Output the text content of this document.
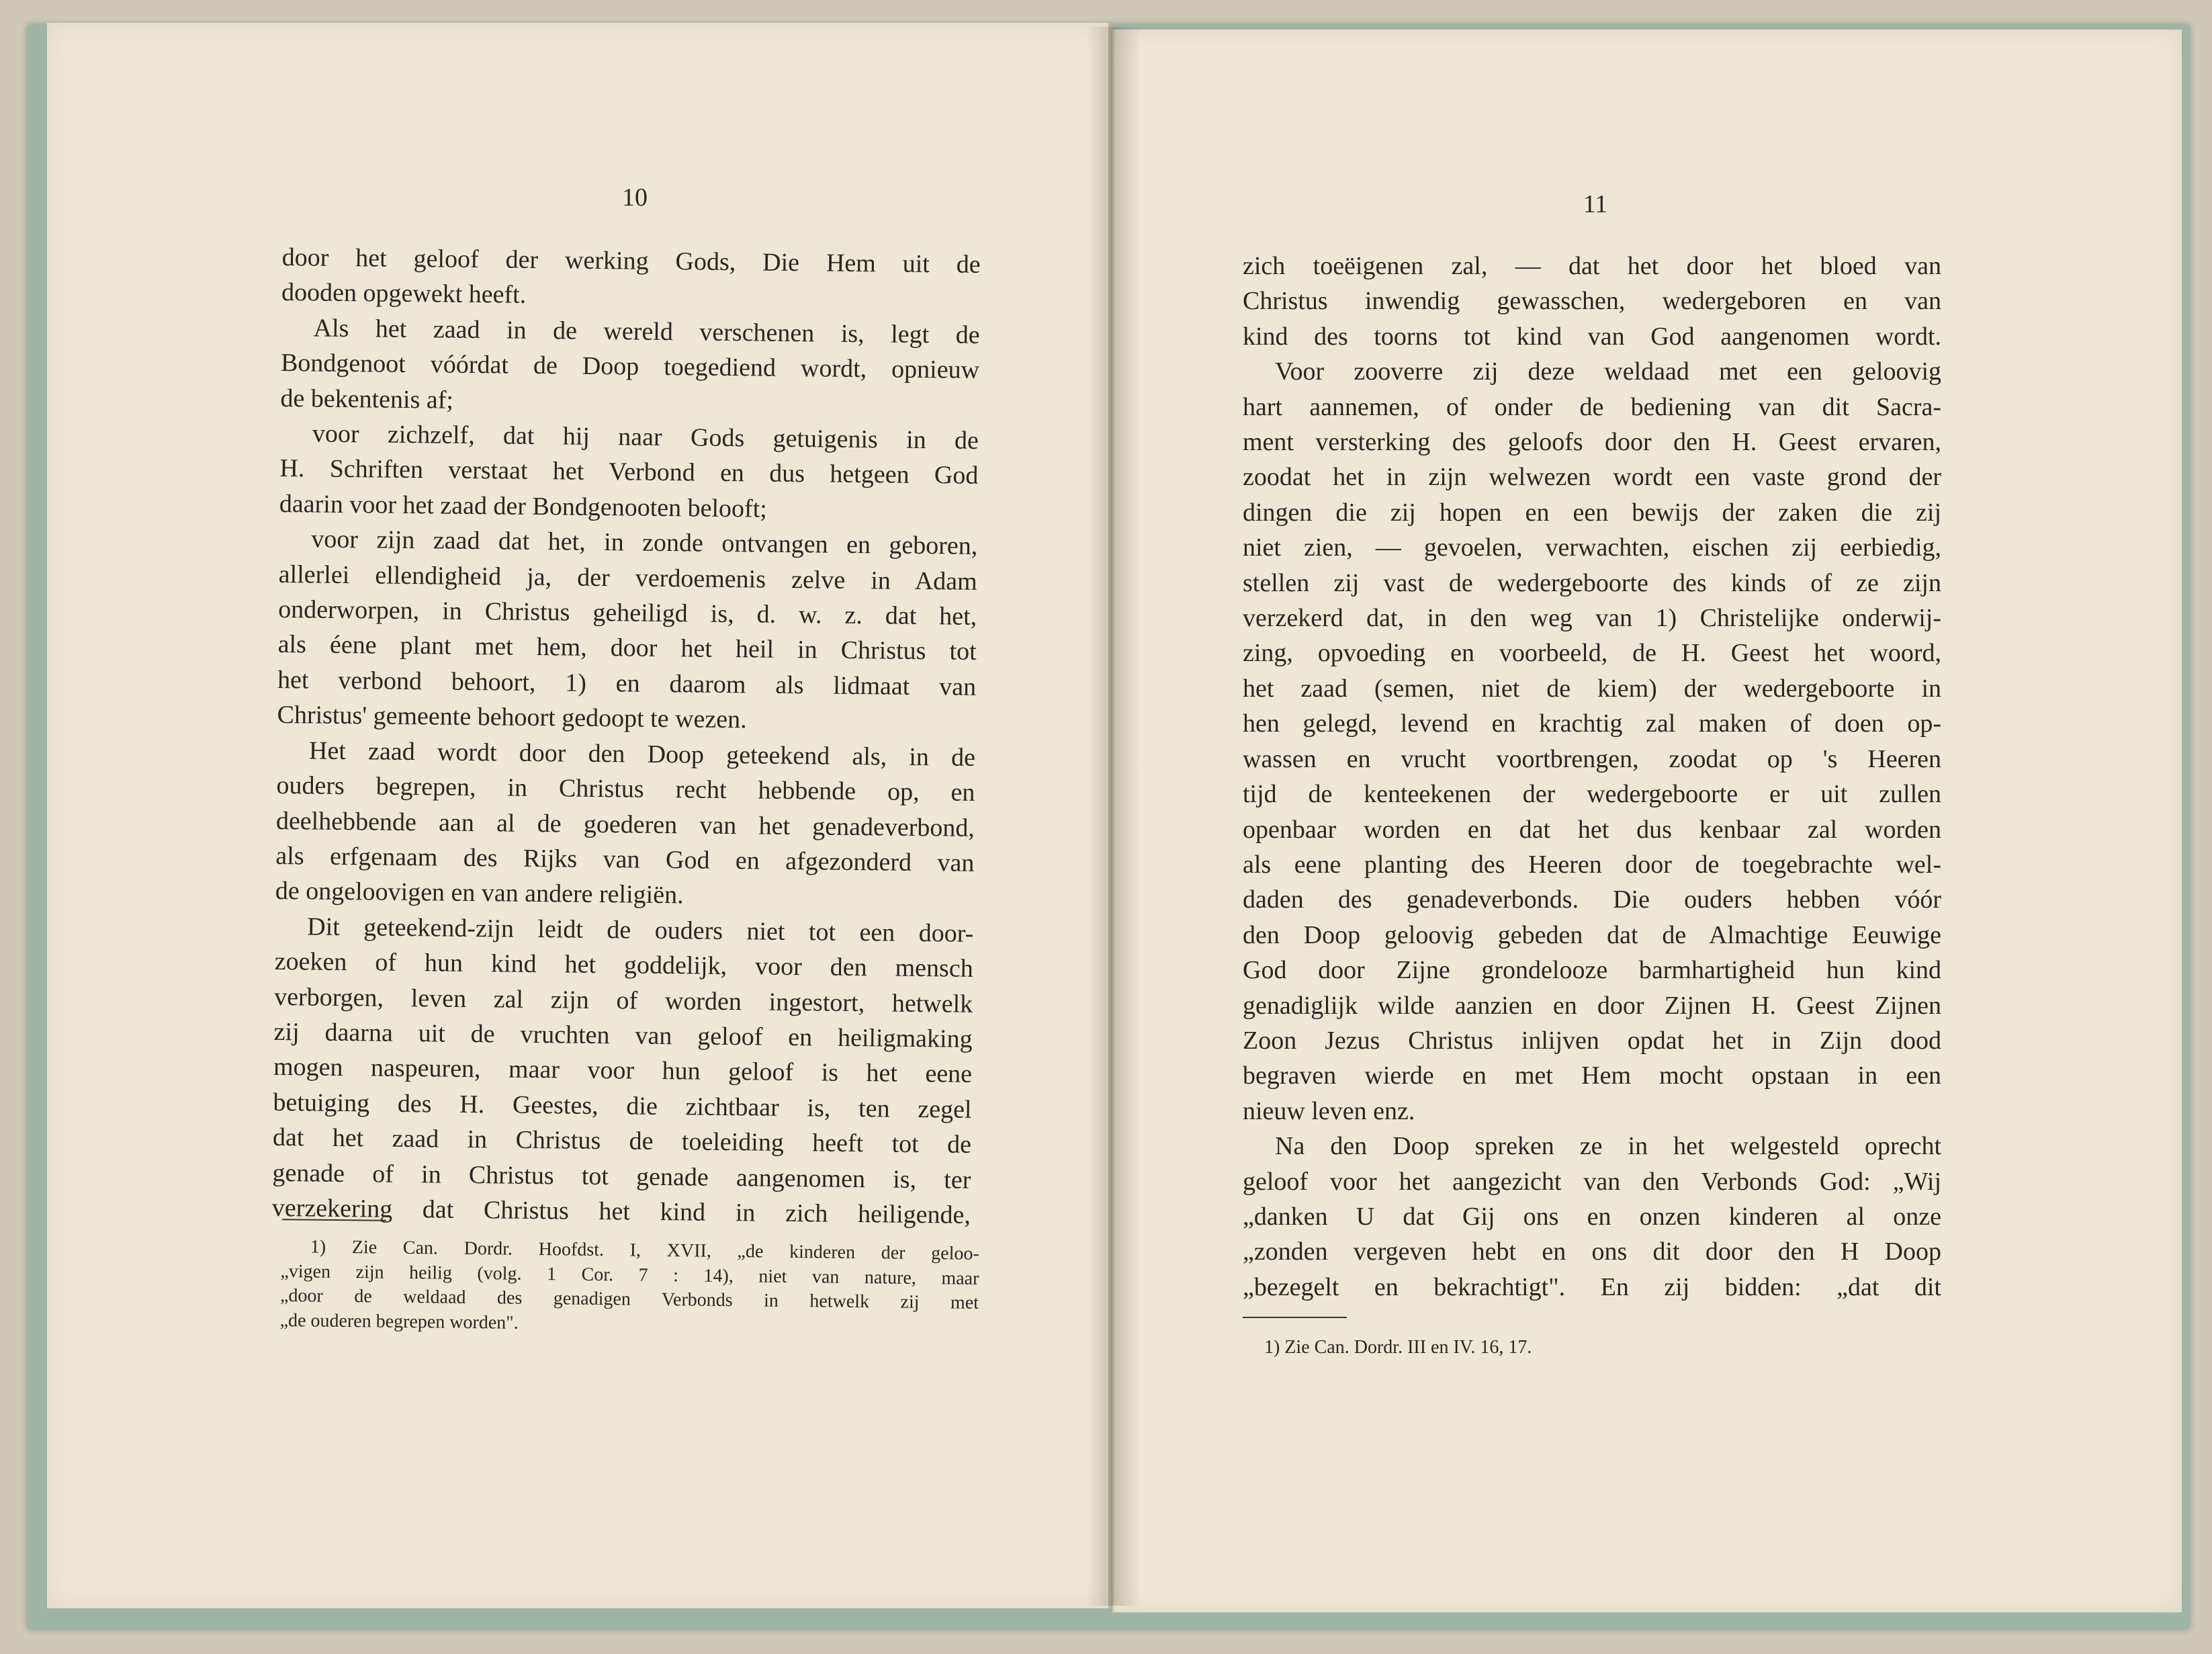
10	11
door het geloof der werking Gods, Die Hem uit de
dooden opgewekt heeft.
Als het zaad in de wereld verschenen is, legt de
Bondgenoot vóórdat de Doop toegediend wordt, opnieuw
de bekentenis af;
voor zichzelf, dat hij naar Gods getuigenis in de
H. Schriften verstaat het Verbond en dus hetgeen God
daarin voor het zaad der Bondgenooten belooft;
voor zijn zaad dat het, in zonde ontvangen en geboren,
allerlei ellendigheid ja, der verdoemenis zelve in Adam
onderworpen, in Christus geheiligd is, d. w. z. dat het,
als éene plant met hem, door het heil in Christus tot
het verbond behoort, 1) en daarom als lidmaat van
Christus' gemeente behoort gedoopt te wezen.
Het zaad wordt door den Doop geteekend als, in de
ouders begrepen, in Christus recht hebbende op, en
deelhebbende aan al de goederen van het genadeverbond,
als erfgenaam des Rijks van God en afgezonderd van
de ongeloovigen en van andere religiën.
Dit geteekend-zijn leidt de ouders niet tot een door-
zoeken of hun kind het goddelijk, voor den mensch
verborgen, leven zal zijn of worden ingestort, hetwelk
zij daarna uit de vruchten van geloof en heiligmaking
mogen naspeuren, maar voor hun geloof is het eene
betuiging des H. Geestes, die zichtbaar is, ten zegel
dat het zaad in Christus de toeleiding heeft tot de
genade of in Christus tot genade aangenomen is, ter
verzekering dat Christus het kind in zich heiligende,
zich toeëigenen zal, — dat het door het bloed van
Christus inwendig gewasschen, wedergeboren en van
kind des toorns tot kind van God aangenomen wordt.
Voor zooverre zij deze weldaad met een geloovig
hart aannemen, of onder de bediening van dit Sacra-
ment versterking des geloofs door den H. Geest ervaren,
zoodat het in zijn welwezen wordt een vaste grond der
dingen die zij hopen en een bewijs der zaken die zij
niet zien, — gevoelen, verwachten, eischen zij eerbiedig,
stellen zij vast de wedergeboorte des kinds of ze zijn
verzekerd dat, in den weg van 1) Christelijke onderwij-
zing, opvoeding en voorbeeld, de H. Geest het woord,
het zaad (semen, niet de kiem) der wedergeboorte in
hen gelegd, levend en krachtig zal maken of doen op-
wassen en vrucht voortbrengen, zoodat op 's Heeren
tijd de kenteekenen der wedergeboorte er uit zullen
openbaar worden en dat het dus kenbaar zal worden
als eene planting des Heeren door de toegebrachte wel-
daden des genadeverbonds. Die ouders hebben vóór
den Doop geloovig gebeden dat de Almachtige Eeuwige
God door Zijne grondelooze barmhartigheid hun kind
genadiglijk wilde aanzien en door Zijnen H. Geest Zijnen
Zoon Jezus Christus inlijven opdat het in Zijn dood
begraven wierde en met Hem mocht opstaan in een
nieuw leven enz.
Na den Doop spreken ze in het welgesteld oprecht
geloof voor het aangezicht van den Verbonds God: „Wij
„danken U dat Gij ons en onzen kinderen al onze
„zonden vergeven hebt en ons dit door den H Doop
„bezegelt en bekrachtigt". En zij bidden: „dat dit
1) Zie Can. Dordr. Hoofdst. I, XVII, „de kinderen der geloo-
„vigen zijn heilig (volg. 1 Cor. 7 : 14), niet van nature, maar
„door de weldaad des genadigen Verbonds in hetwelk zij met
„de ouderen begrepen worden".
1) Zie Can. Dordr. III en IV. 16, 17.
